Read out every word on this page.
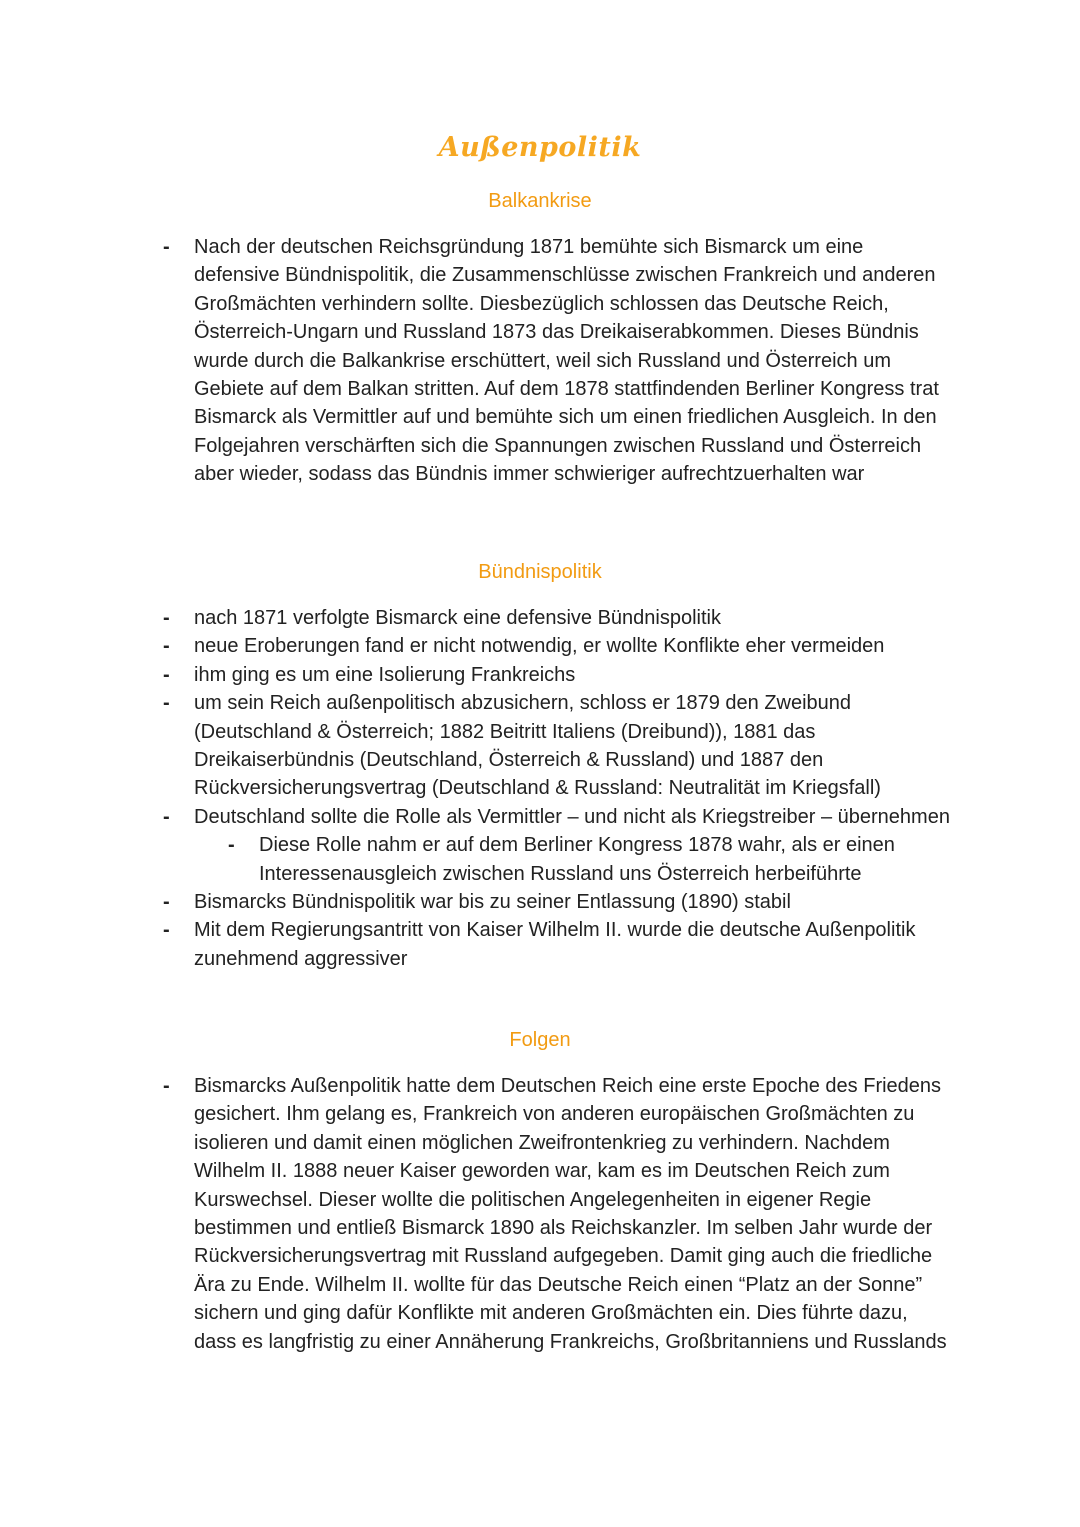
Außenpolitik
Balkankrise
- Nach der deutschen Reichsgründung 1871 bemühte sich Bismarck um eine defensive Bündnispolitik, die Zusammenschlüsse zwischen Frankreich und anderen Großmächten verhindern sollte. Diesbezüglich schlossen das Deutsche Reich, Österreich-Ungarn und Russland 1873 das Dreikaiserabkommen. Dieses Bündnis wurde durch die Balkankrise erschüttert, weil sich Russland und Österreich um Gebiete auf dem Balkan stritten. Auf dem 1878 stattfindenden Berliner Kongress trat Bismarck als Vermittler auf und bemühte sich um einen friedlichen Ausgleich. In den Folgejahren verschärften sich die Spannungen zwischen Russland und Österreich aber wieder, sodass das Bündnis immer schwieriger aufrechtzuerhalten war
Bündnispolitik
- nach 1871 verfolgte Bismarck eine defensive Bündnispolitik
- neue Eroberungen fand er nicht notwendig, er wollte Konflikte eher vermeiden
- ihm ging es um eine Isolierung Frankreichs
- um sein Reich außenpolitisch abzusichern, schloss er 1879 den Zweibund (Deutschland & Österreich; 1882 Beitritt Italiens (Dreibund)), 1881 das Dreikaiserbündnis (Deutschland, Österreich & Russland) und 1887 den Rückversicherungsvertrag (Deutschland & Russland: Neutralität im Kriegsfall)
- Deutschland sollte die Rolle als Vermittler – und nicht als Kriegstreiber – übernehmen
- Diese Rolle nahm er auf dem Berliner Kongress 1878 wahr, als er einen Interessenausgleich zwischen Russland uns Österreich herbeiführte
- Bismarcks Bündnispolitik war bis zu seiner Entlassung (1890) stabil
- Mit dem Regierungsantritt von Kaiser Wilhelm II. wurde die deutsche Außenpolitik zunehmend aggressiver
Folgen
- Bismarcks Außenpolitik hatte dem Deutschen Reich eine erste Epoche des Friedens gesichert. Ihm gelang es, Frankreich von anderen europäischen Großmächten zu isolieren und damit einen möglichen Zweifrontenkrieg zu verhindern. Nachdem Wilhelm II. 1888 neuer Kaiser geworden war, kam es im Deutschen Reich zum Kurswechsel. Dieser wollte die politischen Angelegenheiten in eigener Regie bestimmen und entließ Bismarck 1890 als Reichskanzler. Im selben Jahr wurde der Rückversicherungsvertrag mit Russland aufgegeben. Damit ging auch die friedliche Ära zu Ende. Wilhelm II. wollte für das Deutsche Reich einen “Platz an der Sonne” sichern und ging dafür Konflikte mit anderen Großmächten ein. Dies führte dazu, dass es langfristig zu einer Annäherung Frankreichs, Großbritanniens und Russlands
